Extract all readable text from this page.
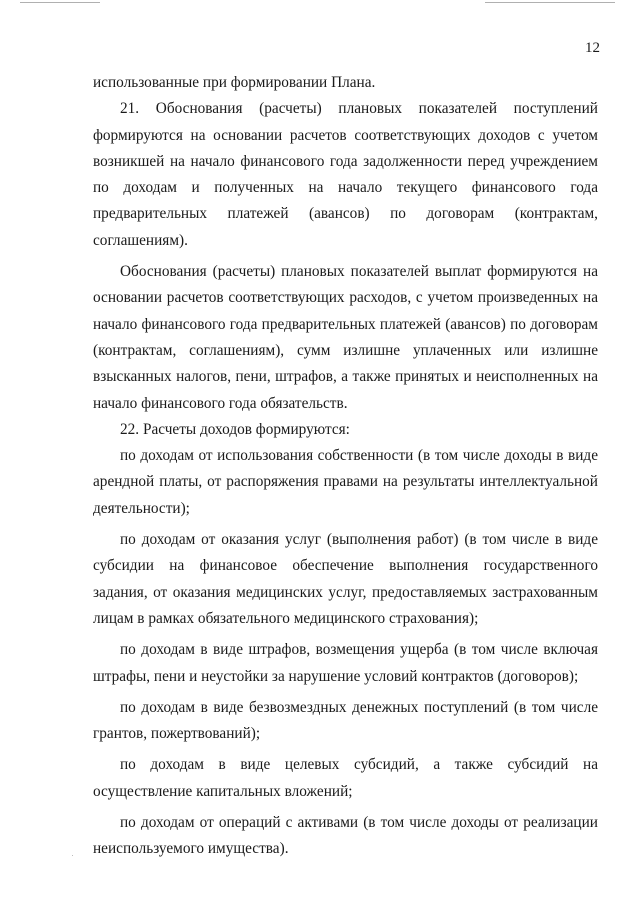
12

использованные при формировании Плана.

21. Обоснования (расчеты) плановых показателей поступлений формируются на основании расчетов соответствующих доходов с учетом возникшей на начало финансового года задолженности перед учреждением по доходам и полученных на начало текущего финансового года предварительных платежей (авансов) по договорам (контрактам, соглашениям).

Обоснования (расчеты) плановых показателей выплат формируются на основании расчетов соответствующих расходов, с учетом произведенных на начало финансового года предварительных платежей (авансов) по договорам (контрактам, соглашениям), сумм излишне уплаченных или излишне взысканных налогов, пени, штрафов, а также принятых и неисполненных на начало финансового года обязательств.

22. Расчеты доходов формируются:

по доходам от использования собственности (в том числе доходы в виде арендной платы, от распоряжения правами на результаты интеллектуальной деятельности);

по доходам от оказания услуг (выполнения работ) (в том числе в виде субсидии на финансовое обеспечение выполнения государственного задания, от оказания медицинских услуг, предоставляемых застрахованным лицам в рамках обязательного медицинского страхования);

по доходам в виде штрафов, возмещения ущерба (в том числе включая штрафы, пени и неустойки за нарушение условий контрактов (договоров);

по доходам в виде безвозмездных денежных поступлений (в том числе грантов, пожертвований);

по доходам в виде целевых субсидий, а также субсидий на осуществление капитальных вложений;

по доходам от операций с активами (в том числе доходы от реализации неиспользуемого имущества).
